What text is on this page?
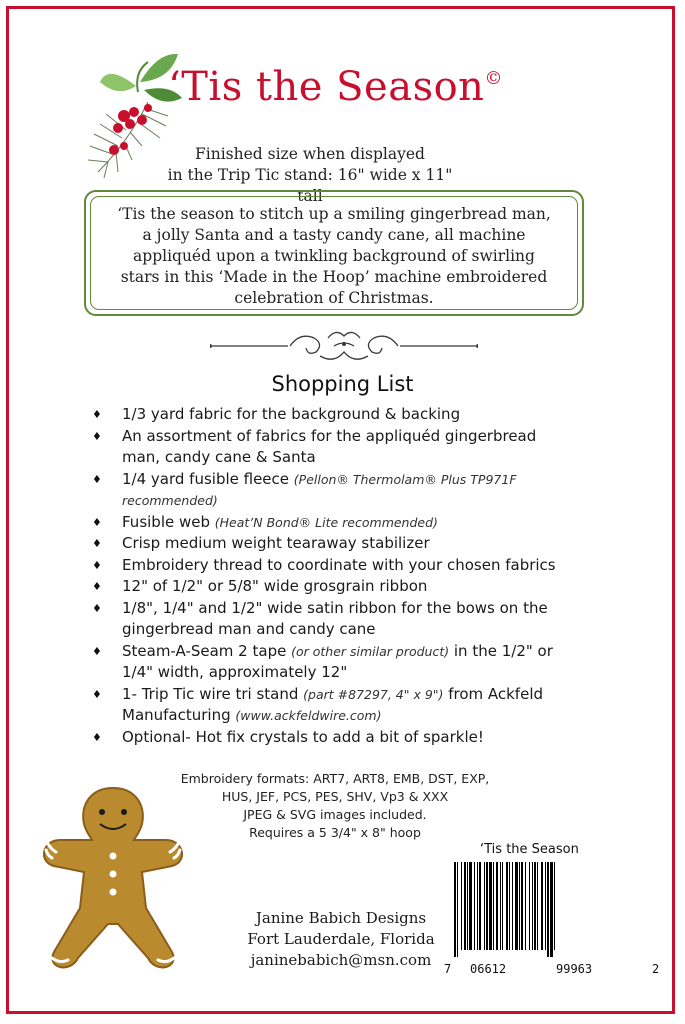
‘Tis the Season©
Finished size when displayed
in the Trip Tic stand: 16" wide x 11" tall
‘Tis the season to stitch up a smiling gingerbread man,
a jolly Santa and a tasty candy cane, all machine
appliquéd upon a twinkling background of swirling
stars in this ‘Made in the Hoop’ machine embroidered
celebration of Christmas.
Shopping List
♦ 1/3 yard fabric for the background & backing
♦ An assortment of fabrics for the appliquéd gingerbread
man, candy cane & Santa
♦ 1/4 yard fusible fleece (Pellon® Thermolam® Plus TP971F
recommended)
♦ Fusible web (Heat’N Bond® Lite recommended)
♦ Crisp medium weight tearaway stabilizer
♦ Embroidery thread to coordinate with your chosen fabrics
♦ 12" of 1/2" or 5/8" wide grosgrain ribbon
♦ 1/8", 1/4" and 1/2" wide satin ribbon for the bows on the
gingerbread man and candy cane
♦ Steam-A-Seam 2 tape (or other similar product) in the 1/2" or
1/4" width, approximately 12"
♦ 1- Trip Tic wire tri stand (part #87297, 4" x 9") from Ackfeld
Manufacturing (www.ackfeldwire.com)
♦ Optional- Hot fix crystals to add a bit of sparkle!
Embroidery formats: ART7, ART8, EMB, DST, EXP,
HUS, JEF, PCS, PES, SHV, Vp3 & XXX
JPEG & SVG images included.
Requires a 5 3/4" x 8" hoop
Janine Babich Designs
Fort Lauderdale, Florida
janinebabich@msn.com
‘Tis the Season
7 06612	99963	2
